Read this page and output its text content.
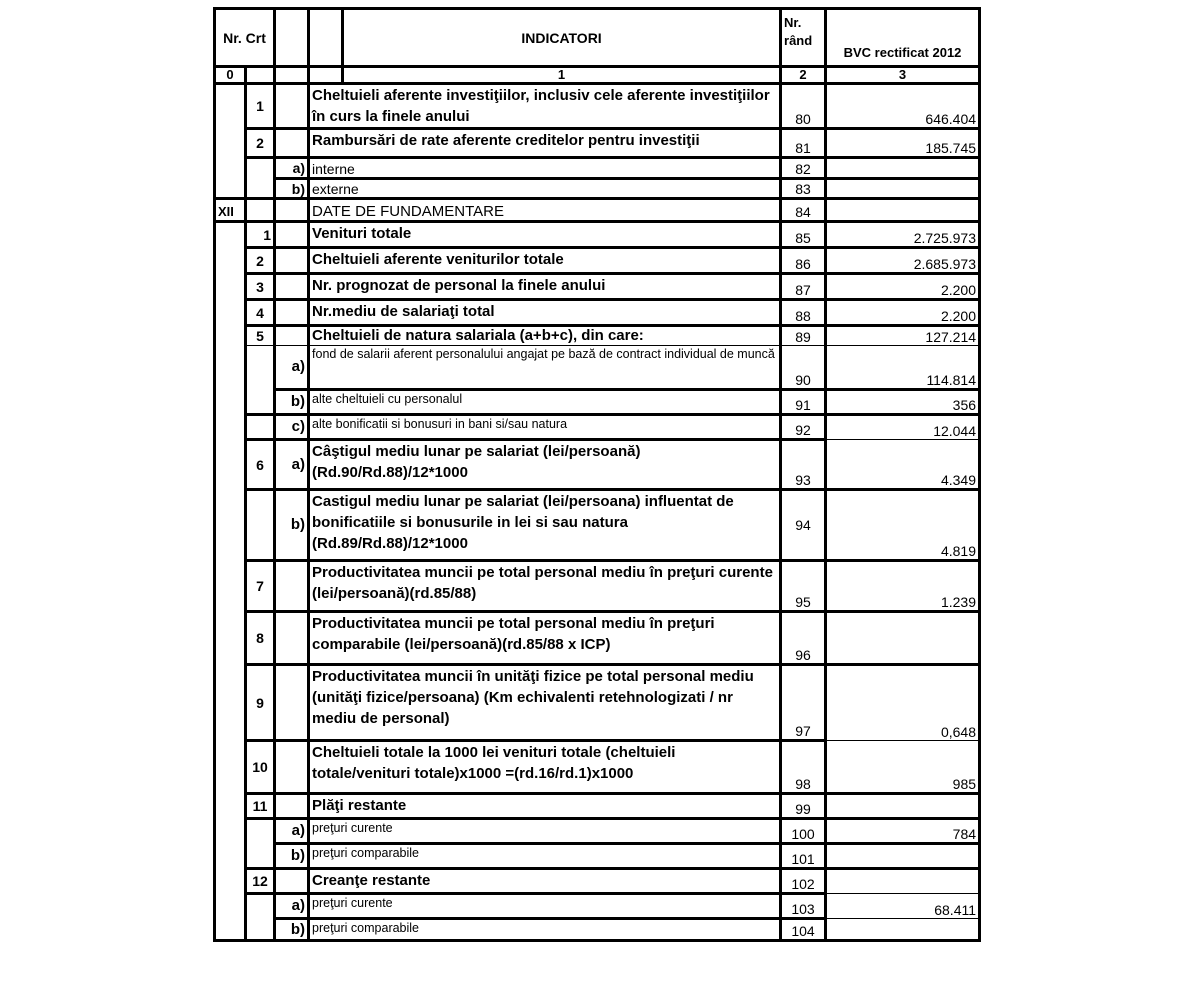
Nr. Crt				INDICATORI	Nr. rând	BVC rectificat 2012
0				1	2	3
	1		Cheltuieli aferente investiţiilor, inclusiv cele aferente investiţiilor în curs la finele anului		80	646.404
	2		Rambursări de rate aferente creditelor pentru investiţii		81	185.745
		a)	interne		82	
		b)	externe		83	
XII			DATE DE FUNDAMENTARE		84	
	1		Venituri totale		85	2.725.973
	2		Cheltuieli aferente veniturilor totale		86	2.685.973
	3		Nr. prognozat de personal la finele anului		87	2.200
	4		Nr.mediu de salariaţi total		88	2.200
	5		Cheltuieli de natura salariala (a+b+c), din care:		89	127.214
		a)	fond de salarii aferent personalului angajat pe bază de contract individual de muncă		90	114.814
		b)	alte cheltuieli cu personalul		91	356
		c)	alte bonificatii si bonusuri in bani si/sau natura		92	12.044
	6	a)	Câştigul mediu lunar pe salariat (lei/persoană) (Rd.90/Rd.88)/12*1000		93	4.349
		b)	Castigul mediu lunar pe salariat (lei/persoana) influentat de bonificatiile si bonusurile in lei si sau natura (Rd.89/Rd.88)/12*1000		94	4.819
	7		Productivitatea muncii pe total personal mediu în preţuri curente (lei/persoană)(rd.85/88)		95	1.239
	8		Productivitatea muncii pe total personal mediu în preţuri comparabile (lei/persoană)(rd.85/88 x ICP)		96	
	9		Productivitatea muncii în unităţi fizice pe total personal mediu (unităţi fizice/persoana) (Km echivalenti retehnologizati / nr mediu de personal)		97	0,648
	10		Cheltuieli totale la 1000 lei venituri totale (cheltuieli totale/venituri totale)x1000 =(rd.16/rd.1)x1000		98	985
	11		Plăţi restante		99	
		a)	preţuri curente		100	784
		b)	preţuri comparabile		101	
	12		Creanţe restante		102	
		a)	preţuri curente		103	68.411
		b)	preţuri comparabile		104	
